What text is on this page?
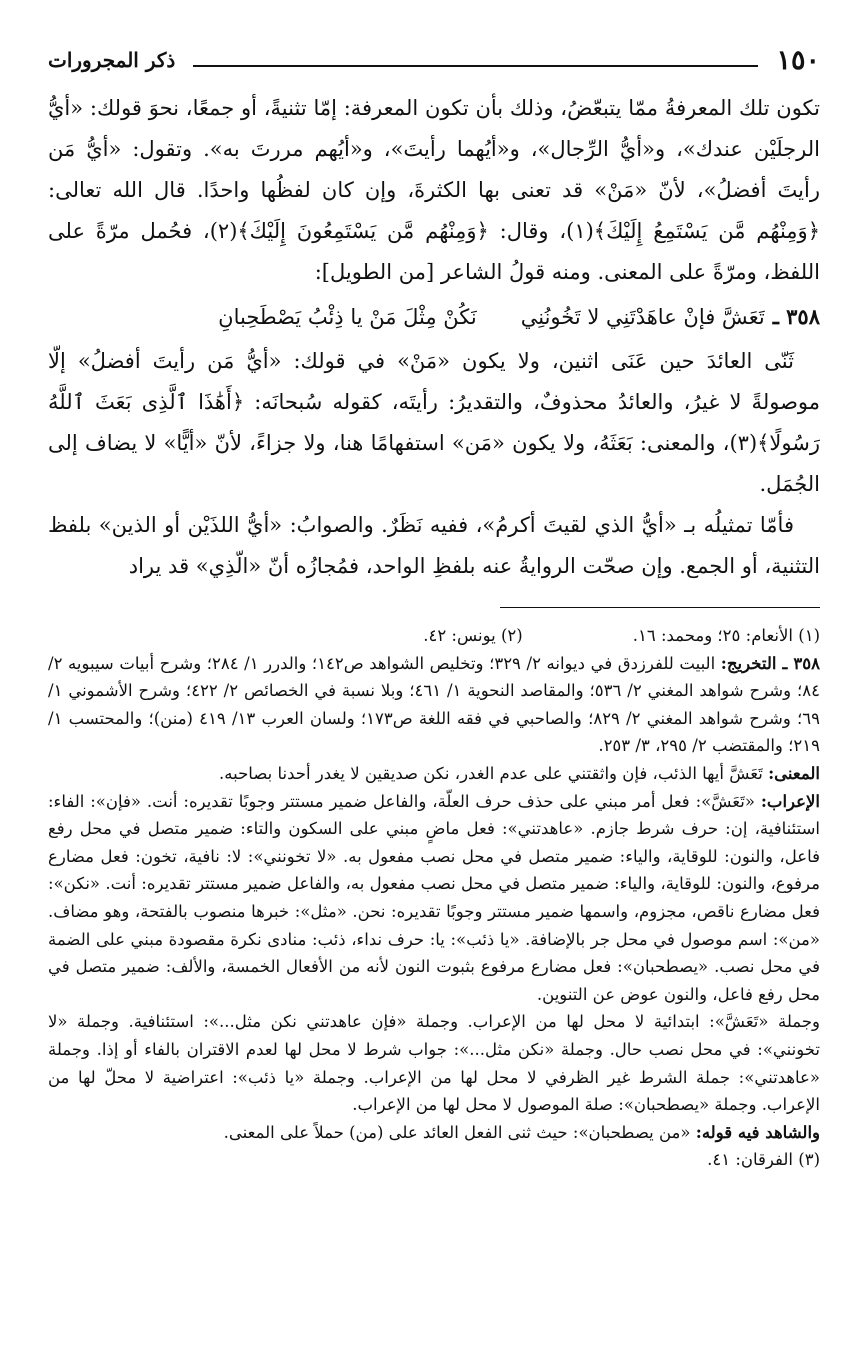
١٥٠
ذكر المجرورات

تكون تلك المعرفةُ ممّا يتبعّضُ، وذلك بأن تكون المعرفة: إمّا تثنيةً، أو جمعًا، نحوَ قولك: «أيُّ الرجلَيْن عندك»، و«أيُّ الرِّجال»، و«أيُهما رأيتَ»، و«أيُهم مررتَ به». وتقول: «أيُّ مَن رأيتَ أفضلُ»، لأنّ «مَنْ» قد تعنى بها الكثرةَ، وإن كان لفظُها واحدًا. قال الله تعالى: ﴿وَمِنْهُم مَّن يَسْتَمِعُ إِلَيْكَ﴾(١)، وقال: ﴿وَمِنْهُم مَّن يَسْتَمِعُونَ إِلَيْكَ﴾(٢)، فحُمل مرّةً على اللفظ، ومرّةً على المعنى. ومنه قولُ الشاعر [من الطويل]:

٣٥٨ ـ
تَعَشَّ فإنْ عاهَدْتَنِي لا تَخُونُنِي
نَكُنْ مِثْلَ مَنْ يا ذِئْبُ يَصْطَحِبانِ

ثَنّى العائدَ حين عَنَى اثنين، ولا يكون «مَنْ» في قولك: «أيُّ مَن رأيتَ أفضلُ» إلّا موصولةً لا غيرُ، والعائدُ محذوفٌ، والتقديرُ: رأيتَه، كقوله سُبحانَه: ﴿أَهَٰذَا ٱلَّذِى بَعَثَ ٱللَّهُ رَسُولًا﴾(٣)، والمعنى: بَعَثَهُ، ولا يكون «مَن» استفهامًا هنا، ولا جزاءً، لأنّ «أيًّا» لا يضاف إلى الجُمَل.

فأمّا تمثيلُه بـ «أيُّ الذي لقيتَ أكرمُ»، ففيه نَظَرٌ. والصوابُ: «أيُّ اللذَيْن أو الذين» بلفظ التثنية، أو الجمع. وإن صحّت الروايةُ عنه بلفظِ الواحد، فمُجازُه أنّ «الّذِي» قد يراد

(١) الأنعام: ٢٥؛ ومحمد: ١٦.
(٢) يونس: ٤٢.

٣٥٨ ـ التخريج: البيت للفرزدق في ديوانه ٢/ ٣٢٩؛ وتخليص الشواهد ص١٤٢؛ والدرر ١/ ٢٨٤؛ وشرح أبيات سيبويه ٢/ ٨٤؛ وشرح شواهد المغني ٢/ ٥٣٦؛ والمقاصد النحوية ١/ ٤٦١؛ وبلا نسبة في الخصائص ٢/ ٤٢٢؛ وشرح الأشموني ١/ ٦٩؛ وشرح شواهد المغني ٢/ ٨٢٩؛ والصاحبي في فقه اللغة ص١٧٣؛ ولسان العرب ١٣/ ٤١٩ (منن)؛ والمحتسب ١/ ٢١٩؛ والمقتضب ٢/ ٢٩٥، ٣/ ٢٥٣.

المعنى: تَعَشَّ أيها الذئب، فإن واثقتني على عدم الغدر، نكن صديقين لا يغدر أحدنا بصاحبه.

الإعراب: «تَعَشَّ»: فعل أمر مبني على حذف حرف العلّة، والفاعل ضمير مستتر وجوبًا تقديره: أنت. «فإن»: الفاء: استئنافية، إن: حرف شرط جازم. «عاهدتني»: فعل ماضٍ مبني على السكون والتاء: ضمير متصل في محل رفع فاعل، والنون: للوقاية، والياء: ضمير متصل في محل نصب مفعول به. «لا تخونني»: لا: نافية، تخون: فعل مضارع مرفوع، والنون: للوقاية، والياء: ضمير متصل في محل نصب مفعول به، والفاعل ضمير مستتر تقديره: أنت. «نكن»: فعل مضارع ناقص، مجزوم، واسمها ضمير مستتر وجوبًا تقديره: نحن. «مثل»: خبرها منصوب بالفتحة، وهو مضاف. «من»: اسم موصول في محل جر بالإضافة. «يا ذئب»: يا: حرف نداء، ذئب: منادى نكرة مقصودة مبني على الضمة في محل نصب. «يصطحبان»: فعل مضارع مرفوع بثبوت النون لأنه من الأفعال الخمسة، والألف: ضمير متصل في محل رفع فاعل، والنون عوض عن التنوين.

وجملة «تَعَشَّ»: ابتدائية لا محل لها من الإعراب. وجملة «فإن عاهدتني نكن مثل...»: استئنافية. وجملة «لا تخونني»: في محل نصب حال. وجملة «نكن مثل...»: جواب شرط لا محل لها لعدم الاقتران بالفاء أو إذا. وجملة «عاهدتني»: جملة الشرط غير الظرفي لا محل لها من الإعراب. وجملة «يا ذئب»: اعتراضية لا محلّ لها من الإعراب. وجملة «يصطحبان»: صلة الموصول لا محل لها من الإعراب.

والشاهد فيه قوله: «من يصطحبان»: حيث ثنى الفعل العائد على (من) حملاً على المعنى.

(٣) الفرقان: ٤١.
